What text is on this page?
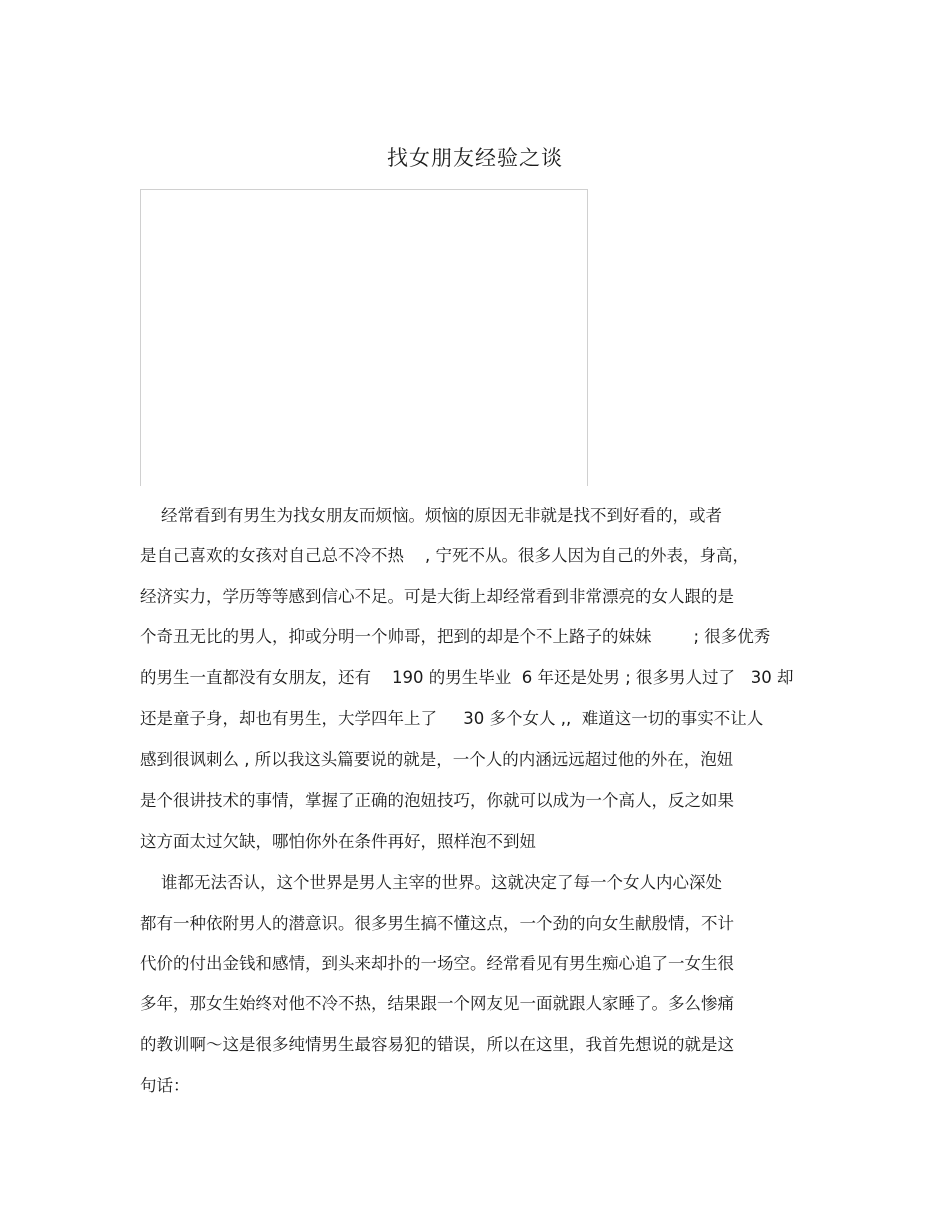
找女朋友经验之谈
经常看到有男生为找女朋友而烦恼。烦恼的原因无非就是找不到好看的，或者
是自己喜欢的女孩对自己总不冷不热    , 宁死不从。很多人因为自己的外表，身高，
经济实力，学历等等感到信心不足。可是大街上却经常看到非常漂亮的女人跟的是
个奇丑无比的男人，抑或分明一个帅哥，把到的却是个不上路子的妹妹        ; 很多优秀
的男生一直都没有女朋友，还有    190 的男生毕业  6 年还是处男 ; 很多男人过了   30 却
还是童子身，却也有男生，大学四年上了     30 多个女人 ,,  难道这一切的事实不让人
感到很讽刺么 , 所以我这头篇要说的就是，一个人的内涵远远超过他的外在，泡妞
是个很讲技术的事情，掌握了正确的泡妞技巧，你就可以成为一个高人，反之如果
这方面太过欠缺，哪怕你外在条件再好，照样泡不到妞
谁都无法否认，这个世界是男人主宰的世界。这就决定了每一个女人内心深处
都有一种依附男人的潜意识。很多男生搞不懂这点，一个劲的向女生献殷情，不计
代价的付出金钱和感情，到头来却扑的一场空。经常看见有男生痴心追了一女生很
多年，那女生始终对他不冷不热，结果跟一个网友见一面就跟人家睡了。多么惨痛
的教训啊～这是很多纯情男生最容易犯的错误，所以在这里，我首先想说的就是这
句话：
